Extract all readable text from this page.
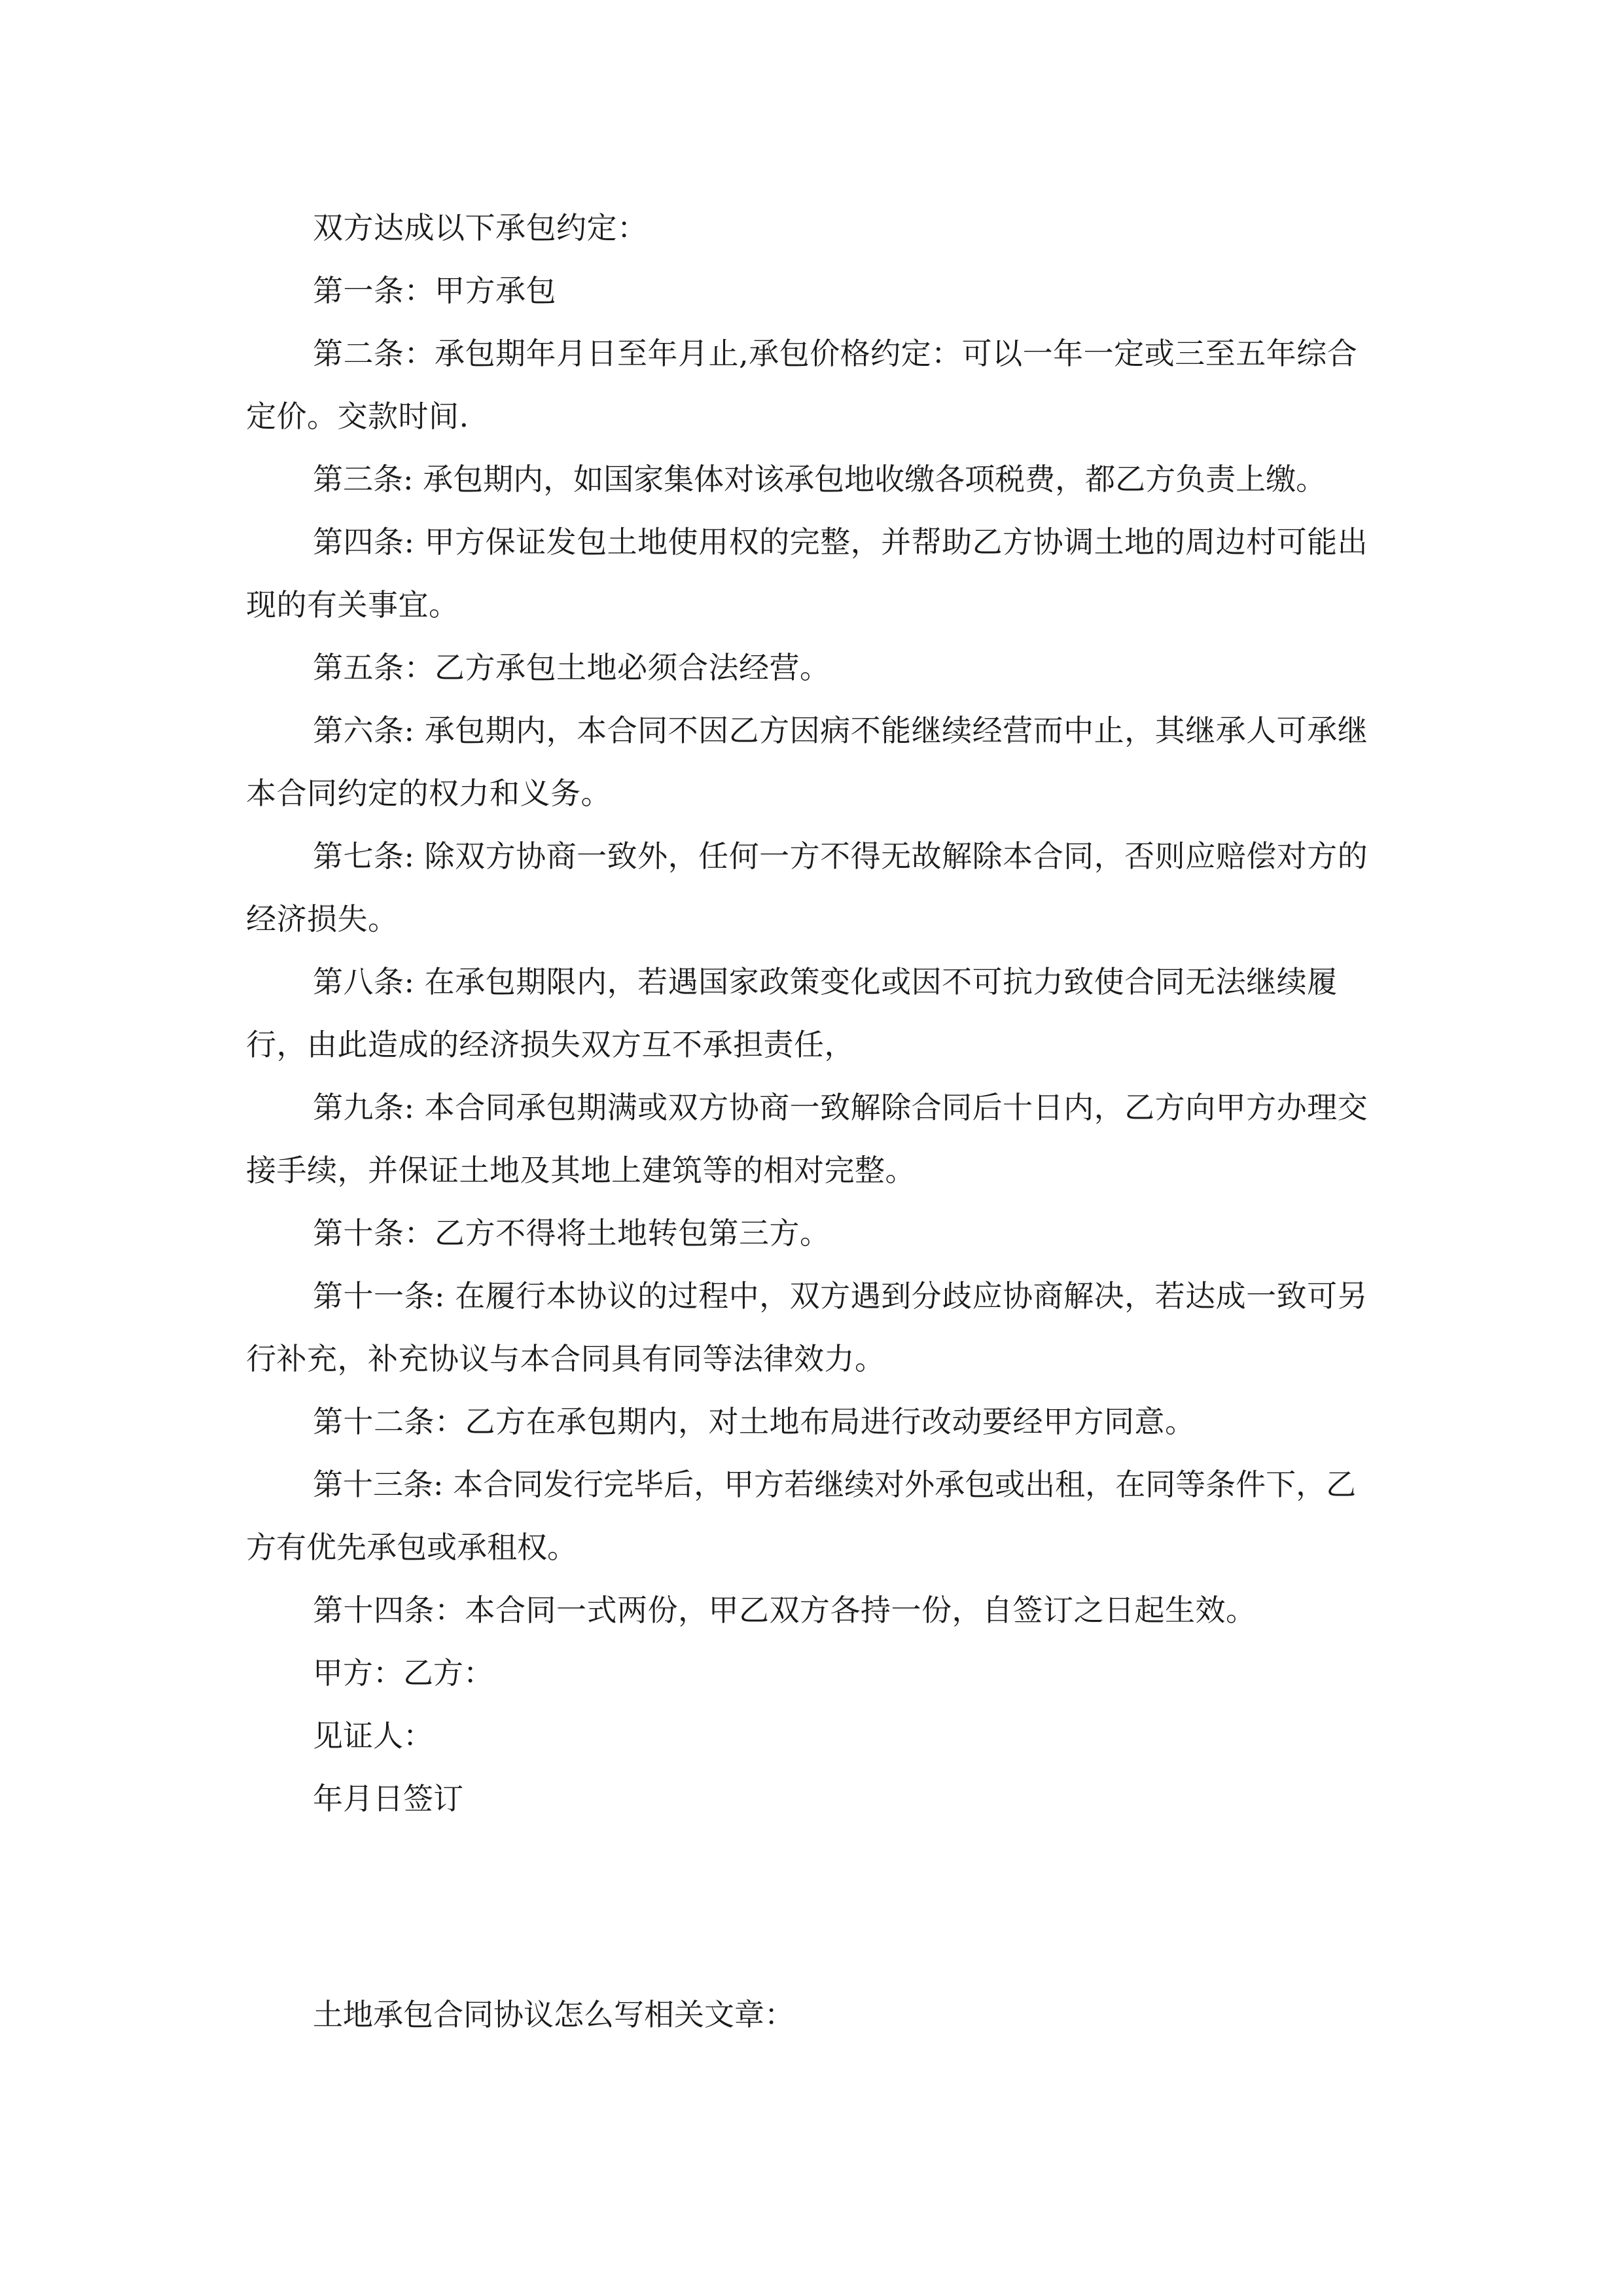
双方达成以下承包约定：

第一条：甲方承包

第二条：承包期年月日至年月止,承包价格约定：可以一年一定或三至五年综合定价。交款时间.

第三条: 承包期内，如国家集体对该承包地收缴各项税费，都乙方负责上缴。

第四条: 甲方保证发包土地使用权的完整，并帮助乙方协调土地的周边村可能出现的有关事宜。

第五条：乙方承包土地必须合法经营。

第六条: 承包期内，本合同不因乙方因病不能继续经营而中止，其继承人可承继本合同约定的权力和义务。

第七条: 除双方协商一致外，任何一方不得无故解除本合同，否则应赔偿对方的经济损失。

第八条: 在承包期限内，若遇国家政策变化或因不可抗力致使合同无法继续履行，由此造成的经济损失双方互不承担责任，

第九条: 本合同承包期满或双方协商一致解除合同后十日内，乙方向甲方办理交接手续，并保证土地及其地上建筑等的相对完整。

第十条：乙方不得将土地转包第三方。

第十一条: 在履行本协议的过程中，双方遇到分歧应协商解决，若达成一致可另行补充，补充协议与本合同具有同等法律效力。

第十二条：乙方在承包期内，对土地布局进行改动要经甲方同意。

第十三条: 本合同发行完毕后，甲方若继续对外承包或出租，在同等条件下，乙方有优先承包或承租权。

第十四条：本合同一式两份，甲乙双方各持一份，自签订之日起生效。

甲方：乙方：

见证人：

年月日签订

土地承包合同协议怎么写相关文章：
